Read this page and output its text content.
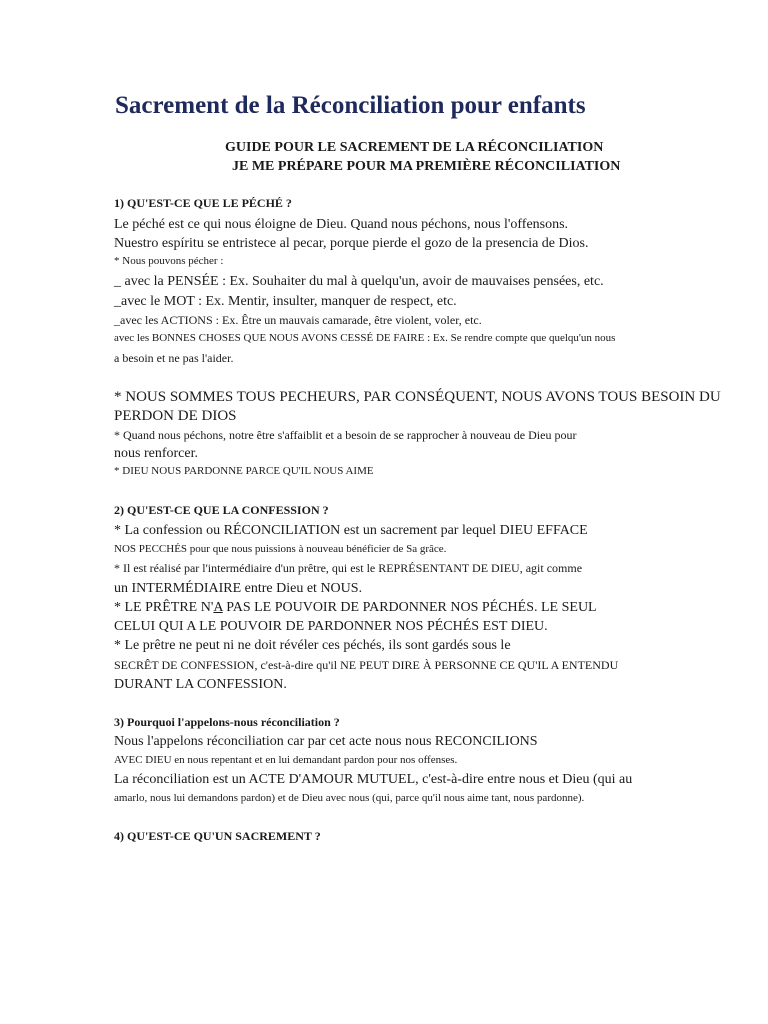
Sacrement de la Réconciliation pour enfants
GUIDE POUR LE SACREMENT DE LA RÉCONCILIATION
JE ME PRÉPARE POUR MA PREMIÈRE RÉCONCILIATION
1) QU'EST-CE QUE LE PÉCHÉ ?
Le péché est ce qui nous éloigne de Dieu. Quand nous péchons, nous l'offensons.
Nuestro espíritu se entristece al pecar, porque pierde el gozo de la presencia de Dios.
* Nous pouvons pécher :
_ avec la PENSÉE : Ex. Souhaiter du mal à quelqu'un, avoir de mauvaises pensées, etc.
_avec le MOT : Ex. Mentir, insulter, manquer de respect, etc.
_avec les ACTIONS : Ex. Être un mauvais camarade, être violent, voler, etc.
avec les BONNES CHOSES QUE NOUS AVONS CESSÉ DE FAIRE : Ex. Se rendre compte que quelqu'un nous
a besoin et ne pas l'aider.
* NOUS SOMMES TOUS PECHEURS, PAR CONSÉQUENT, NOUS AVONS TOUS BESOIN DU
PERDON DE DIOS
* Quand nous péchons, notre être s'affaiblit et a besoin de se rapprocher à nouveau de Dieu pour
nous renforcer.
* DIEU NOUS PARDONNE PARCE QU'IL NOUS AIME
2) QU'EST-CE QUE LA CONFESSION ?
* La confession ou RÉCONCILIATION est un sacrement par lequel DIEU EFFACE
NOS PECCHÉS pour que nous puissions à nouveau bénéficier de Sa grâce.
* Il est réalisé par l'intermédiaire d'un prêtre, qui est le REPRÉSENTANT DE DIEU, agit comme
un INTERMÉDIAIRE entre Dieu et NOUS.
* LE PRÊTRE N'A PAS LE POUVOIR DE PARDONNER NOS PÉCHÉS. LE SEUL
CELUI QUI A LE POUVOIR DE PARDONNER NOS PÉCHÉS EST DIEU.
* Le prêtre ne peut ni ne doit révéler ces péchés, ils sont gardés sous le
SECRÊT DE CONFESSION, c'est-à-dire qu'il NE PEUT DIRE À PERSONNE CE QU'IL A ENTENDU
DURANT LA CONFESSION.
3) Pourquoi l'appelons-nous réconciliation ?
Nous l'appelons réconciliation car par cet acte nous nous RECONCILIONS
AVEC DIEU en nous repentant et en lui demandant pardon pour nos offenses.
La réconciliation est un ACTE D'AMOUR MUTUEL, c'est-à-dire entre nous et Dieu (qui au
amarlo, nous lui demandons pardon) et de Dieu avec nous (qui, parce qu'il nous aime tant, nous pardonne).
4) QU'EST-CE QU'UN SACREMENT ?
